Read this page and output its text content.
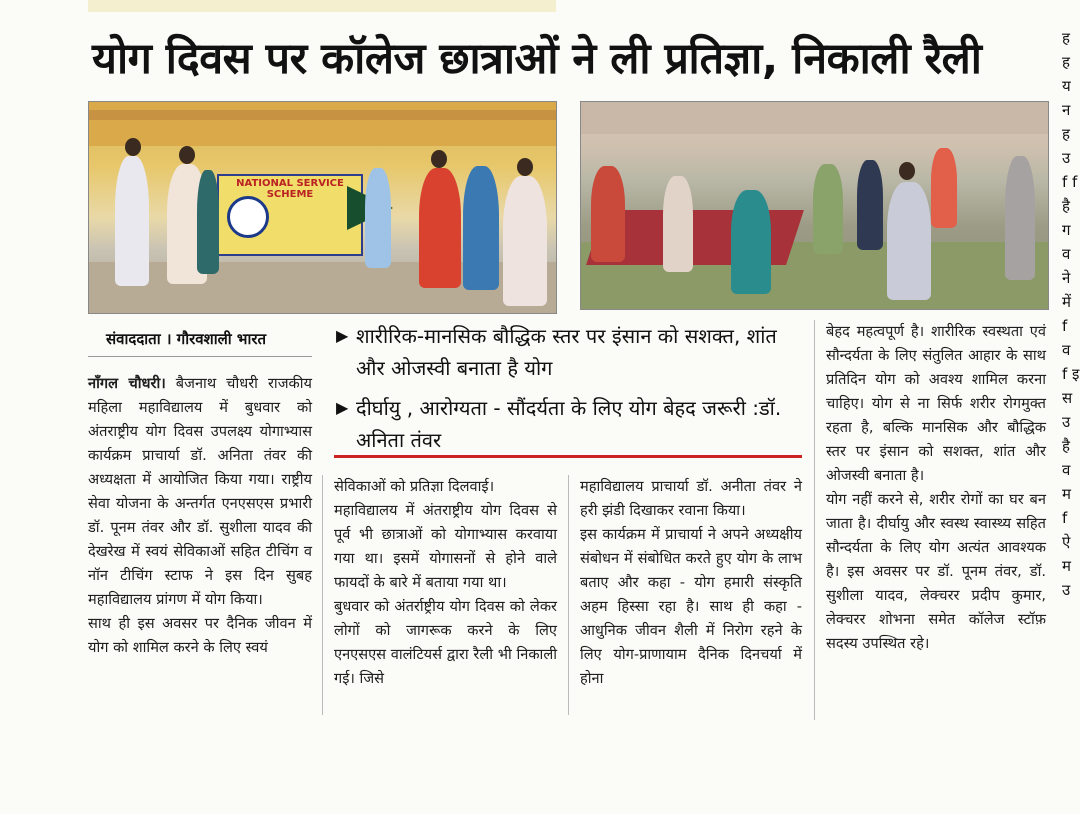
योग दिवस पर कॉलेज छात्राओं ने ली प्रतिज्ञा, निकाली रैली
NATIONAL SERVICE SCHEME
संवाददाता । गौरवशाली भारत	▶ शारीरिक-मानसिक बौद्धिक स्तर पर इंसान को सशक्त, शांत और ओजस्वी बनाता है योग
▶ दीर्घायु , आरोग्यता - सौंदर्यता के लिए योग बेहद जरूरी :डॉ. अनिता तंवर

नाँगल चौधरी। बैजनाथ चौधरी राजकीय महिला महाविद्यालय में बुधवार को अंतराष्ट्रीय योग दिवस उपलक्ष्य योगाभ्यास कार्यक्रम प्राचार्या डॉ. अनिता तंवर की अध्यक्षता में आयोजित किया गया। राष्ट्रीय सेवा योजना के अन्तर्गत एनएसएस प्रभारी डॉ. पूनम तंवर और डॉ. सुशीला यादव की देखरेख में स्वयं सेविकाओं सहित टीचिंग व नॉन टीचिंग स्टाफ ने इस दिन सुबह महाविद्यालय प्रांगण में योग किया।

साथ ही इस अवसर पर दैनिक जीवन में योग को शामिल करने के लिए स्वयं

सेविकाओं को प्रतिज्ञा दिलवाई।

महाविद्यालय में अंतराष्ट्रीय योग दिवस से पूर्व भी छात्राओं को योगाभ्यास करवाया गया था। इसमें योगासनों से होने वाले फायदों के बारे में बताया गया था।

बुधवार को अंतर्राष्ट्रीय योग दिवस को लेकर लोगों को जागरूक करने के लिए एनएसएस वालंटियर्स द्वारा रैली भी निकाली गई। जिसे

महाविद्यालय प्राचार्या डॉ. अनीता तंवर ने हरी झंडी दिखाकर रवाना किया।

इस कार्यक्रम में प्राचार्या ने अपने अध्यक्षीय संबोधन में संबोधित करते हुए योग के लाभ बताए और कहा - योग हमारी संस्कृति अहम हिस्सा रहा है। साथ ही कहा - आधुनिक जीवन शैली में निरोग रहने के लिए योग-प्राणायाम दैनिक दिनचर्या में होना

बेहद महत्वपूर्ण है। शारीरिक स्वस्थता एवं सौन्दर्यता के लिए संतुलित आहार के साथ प्रतिदिन योग को अवश्य शामिल करना चाहिए। योग से ना सिर्फ शरीर रोगमुक्त रहता है, बल्कि मानसिक और बौद्धिक स्तर पर इंसान को सशक्त, शांत और ओजस्वी बनाता है।

योग नहीं करने से, शरीर रोगों का घर बन जाता है। दीर्घायु और स्वस्थ स्वास्थ्य सहित सौन्दर्यता के लिए योग अत्यंत आवश्यक है। इस अवसर पर डॉ. पूनम तंवर, डॉ. सुशीला यादव, लेक्चरर प्रदीप कुमार, लेक्चरर शोभना समेत कॉलेज स्टॉफ़ सदस्य उपस्थित रहे।

ह ह य न ह उ f f है ग व ने में f व f इ स उ है व म f ऐ म उ
